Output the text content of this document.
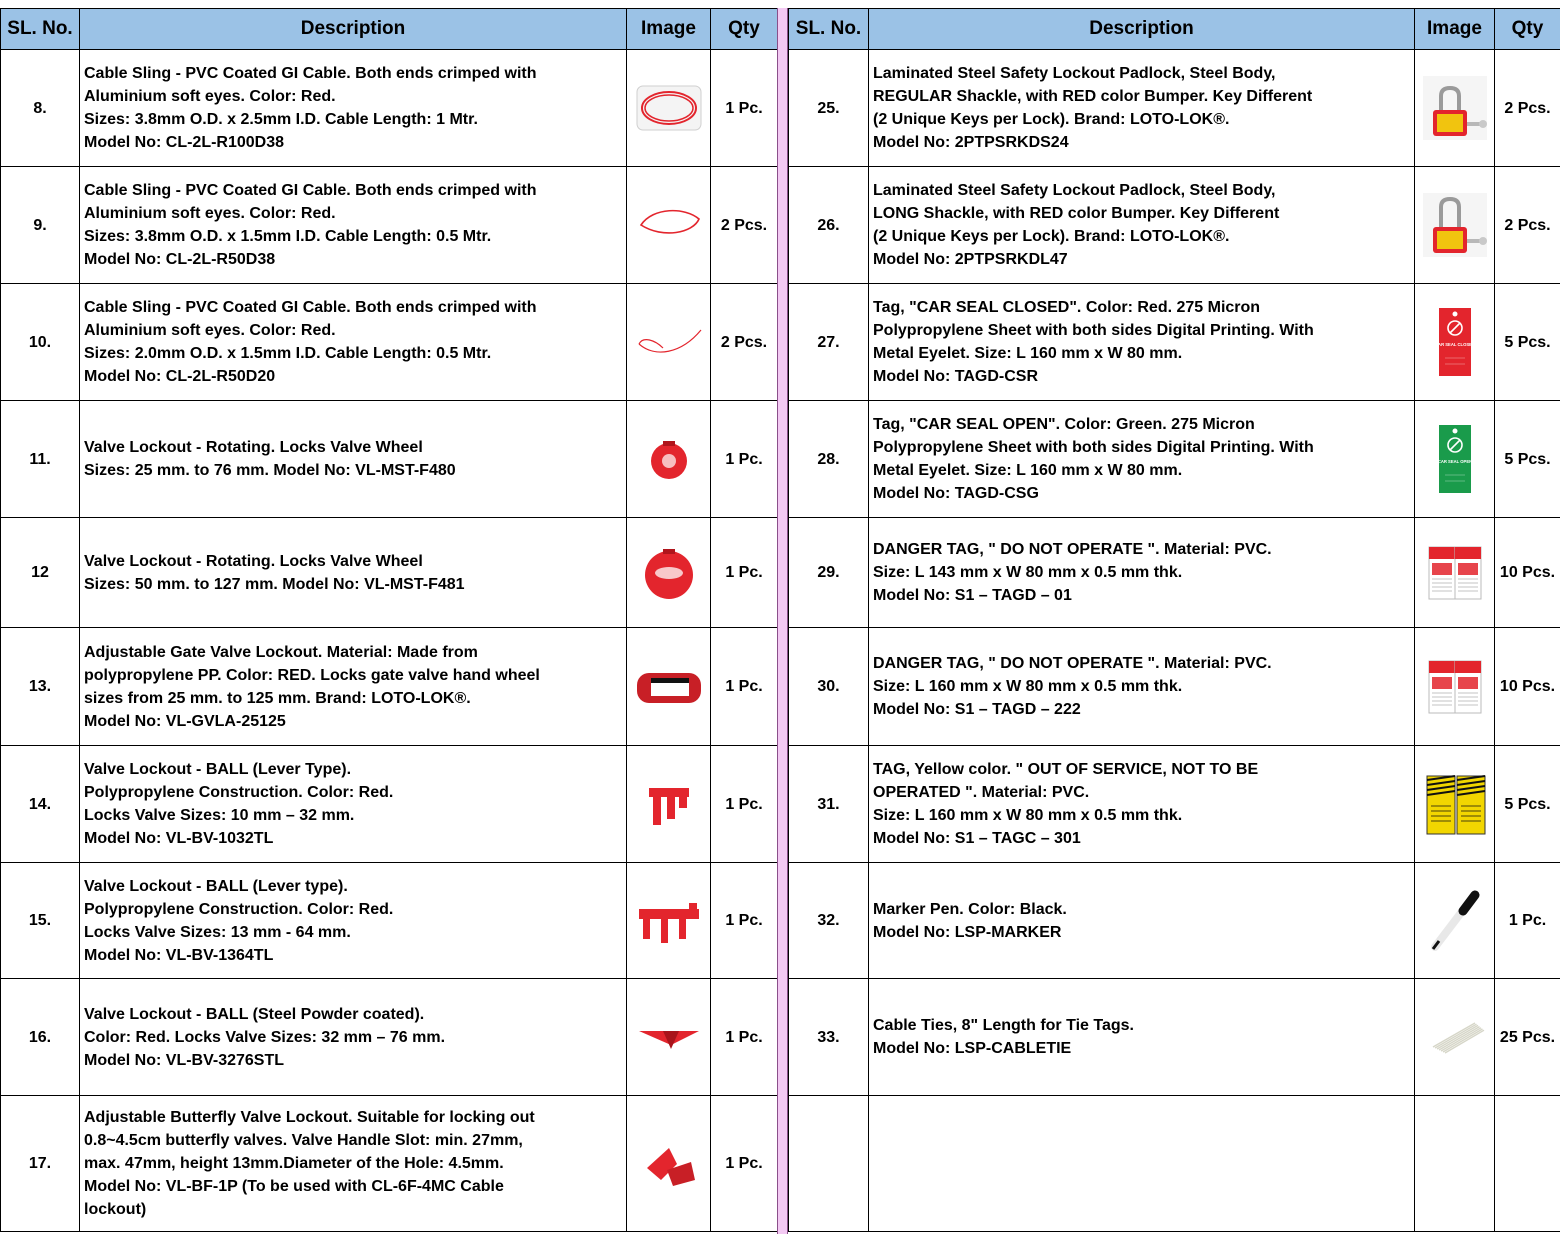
SL. No.	Description	Image	Qty
8.	Cable Sling - PVC Coated GI Cable. Both ends crimped with
Aluminium soft eyes. Color: Red.
Sizes: 3.8mm O.D. x 2.5mm I.D. Cable Length: 1 Mtr.
Model No: CL-2L-R100D38		1 Pc.
9.	Cable Sling - PVC Coated GI Cable. Both ends crimped with
Aluminium soft eyes. Color: Red.
Sizes: 3.8mm O.D. x 1.5mm I.D. Cable Length: 0.5 Mtr.
Model No: CL-2L-R50D38		2 Pcs.
10.	Cable Sling - PVC Coated GI Cable. Both ends crimped with
Aluminium soft eyes. Color: Red.
Sizes: 2.0mm O.D. x 1.5mm I.D. Cable Length: 0.5 Mtr.
Model No: CL-2L-R50D20		2 Pcs.
11.	Valve Lockout - Rotating. Locks Valve Wheel
Sizes: 25 mm. to 76 mm. Model No: VL-MST-F480		1 Pc.
12	Valve Lockout - Rotating. Locks Valve Wheel
Sizes: 50 mm. to 127 mm. Model No: VL-MST-F481		1 Pc.
13.	Adjustable Gate Valve Lockout. Material: Made from
polypropylene PP. Color: RED. Locks gate valve hand wheel
sizes from 25 mm. to 125 mm. Brand: LOTO-LOK®.
Model No: VL-GVLA-25125		1 Pc.
14.	Valve Lockout - BALL (Lever Type).
Polypropylene Construction. Color: Red.
Locks Valve Sizes: 10 mm – 32 mm.
Model No: VL-BV-1032TL		1 Pc.
15.	Valve Lockout - BALL (Lever type).
Polypropylene Construction. Color: Red.
Locks Valve Sizes: 13 mm - 64 mm.
Model No: VL-BV-1364TL		1 Pc.
16.	Valve Lockout - BALL (Steel Powder coated).
Color: Red. Locks Valve Sizes: 32 mm – 76 mm.
Model No: VL-BV-3276STL		1 Pc.
17.	Adjustable Butterfly Valve Lockout. Suitable for locking out
0.8~4.5cm butterfly valves. Valve Handle Slot: min. 27mm,
max. 47mm, height 13mm.Diameter of the Hole: 4.5mm.
Model No: VL-BF-1P (To be used with CL-6F-4MC Cable
lockout)		1 Pc.
SL. No.	Description	Image	Qty
25.	Laminated Steel Safety Lockout Padlock, Steel Body,
REGULAR Shackle, with RED color Bumper. Key Different
(2 Unique Keys per Lock). Brand: LOTO-LOK®.
Model No: 2PTPSRKDS24		2 Pcs.
26.	Laminated Steel Safety Lockout Padlock, Steel Body,
LONG Shackle, with RED color Bumper. Key Different
(2 Unique Keys per Lock). Brand: LOTO-LOK®.
Model No: 2PTPSRKDL47		2 Pcs.
27.	Tag, "CAR SEAL CLOSED". Color: Red. 275 Micron
Polypropylene Sheet with both sides Digital Printing. With
Metal Eyelet. Size: L 160 mm x W 80 mm.
Model No: TAGD-CSR	CAR SEAL CLOSED	5 Pcs.
28.	Tag, "CAR SEAL OPEN". Color: Green. 275 Micron
Polypropylene Sheet with both sides Digital Printing. With
Metal Eyelet. Size: L 160 mm x W 80 mm.
Model No: TAGD-CSG	CAR SEAL OPEN	5 Pcs.
29.	DANGER TAG, " DO NOT OPERATE ". Material: PVC.
Size: L 143 mm x W 80 mm x 0.5 mm thk.
Model No: S1 – TAGD – 01		10 Pcs.
30.	DANGER TAG, " DO NOT OPERATE ". Material: PVC.
Size: L 160 mm x W 80 mm x 0.5 mm thk.
Model No: S1 – TAGD – 222		10 Pcs.
31.	TAG, Yellow color. " OUT OF SERVICE, NOT TO BE
OPERATED ". Material: PVC.
Size: L 160 mm x W 80 mm x 0.5 mm thk.
Model No: S1 – TAGC – 301		5 Pcs.
32.	Marker Pen. Color: Black.
Model No: LSP-MARKER		1 Pc.
33.	Cable Ties, 8" Length for Tie Tags.
Model No: LSP-CABLETIE		25 Pcs.
